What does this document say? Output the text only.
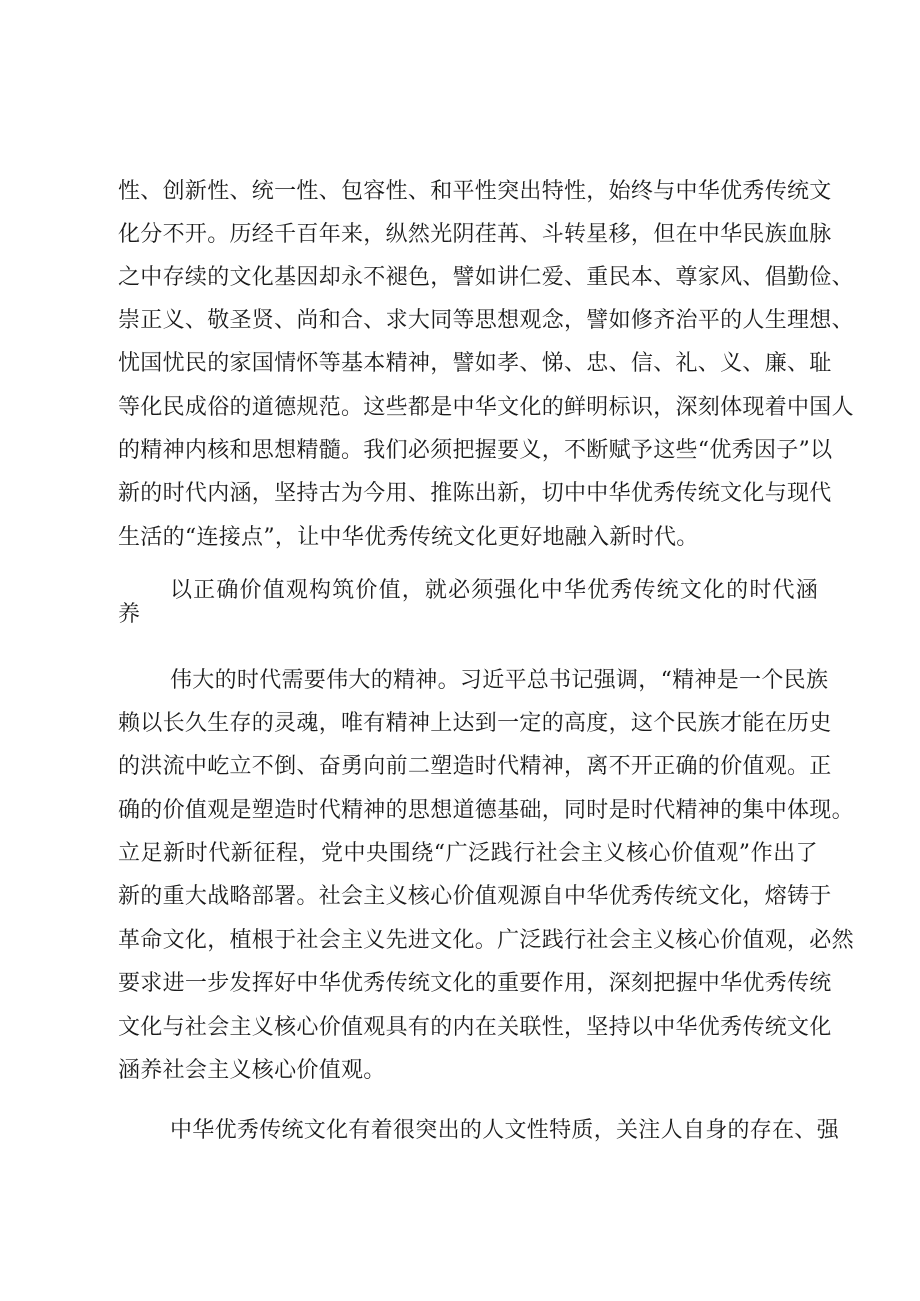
性、创新性、统一性、包容性、和平性突出特性，始终与中华优秀传统文
化分不开。历经千百年来，纵然光阴荏苒、斗转星移，但在中华民族血脉
之中存续的文化基因却永不褪色，譬如讲仁爱、重民本、尊家风、倡勤俭、
崇正义、敬圣贤、尚和合、求大同等思想观念，譬如修齐治平的人生理想、
忧国忧民的家国情怀等基本精神，譬如孝、悌、忠、信、礼、义、廉、耻
等化民成俗的道德规范。这些都是中华文化的鲜明标识，深刻体现着中国人
的精神内核和思想精髓。我们必须把握要义，不断赋予这些“优秀因子”以
新的时代内涵，坚持古为今用、推陈出新，切中中华优秀传统文化与现代
生活的“连接点”，让中华优秀传统文化更好地融入新时代。
以正确价值观构筑价值，就必须强化中华优秀传统文化的时代涵
养
伟大的时代需要伟大的精神。习近平总书记强调，“精神是一个民族
赖以长久生存的灵魂，唯有精神上达到一定的高度，这个民族才能在历史
的洪流中屹立不倒、奋勇向前二塑造时代精神，离不开正确的价值观。正
确的价值观是塑造时代精神的思想道德基础，同时是时代精神的集中体现。
立足新时代新征程，党中央围绕“广泛践行社会主义核心价值观”作出了
新的重大战略部署。社会主义核心价值观源自中华优秀传统文化，熔铸于
革命文化，植根于社会主义先进文化。广泛践行社会主义核心价值观，必然
要求进一步发挥好中华优秀传统文化的重要作用，深刻把握中华优秀传统
文化与社会主义核心价值观具有的内在关联性，坚持以中华优秀传统文化
涵养社会主义核心价值观。
中华优秀传统文化有着很突出的人文性特质，关注人自身的存在、强
